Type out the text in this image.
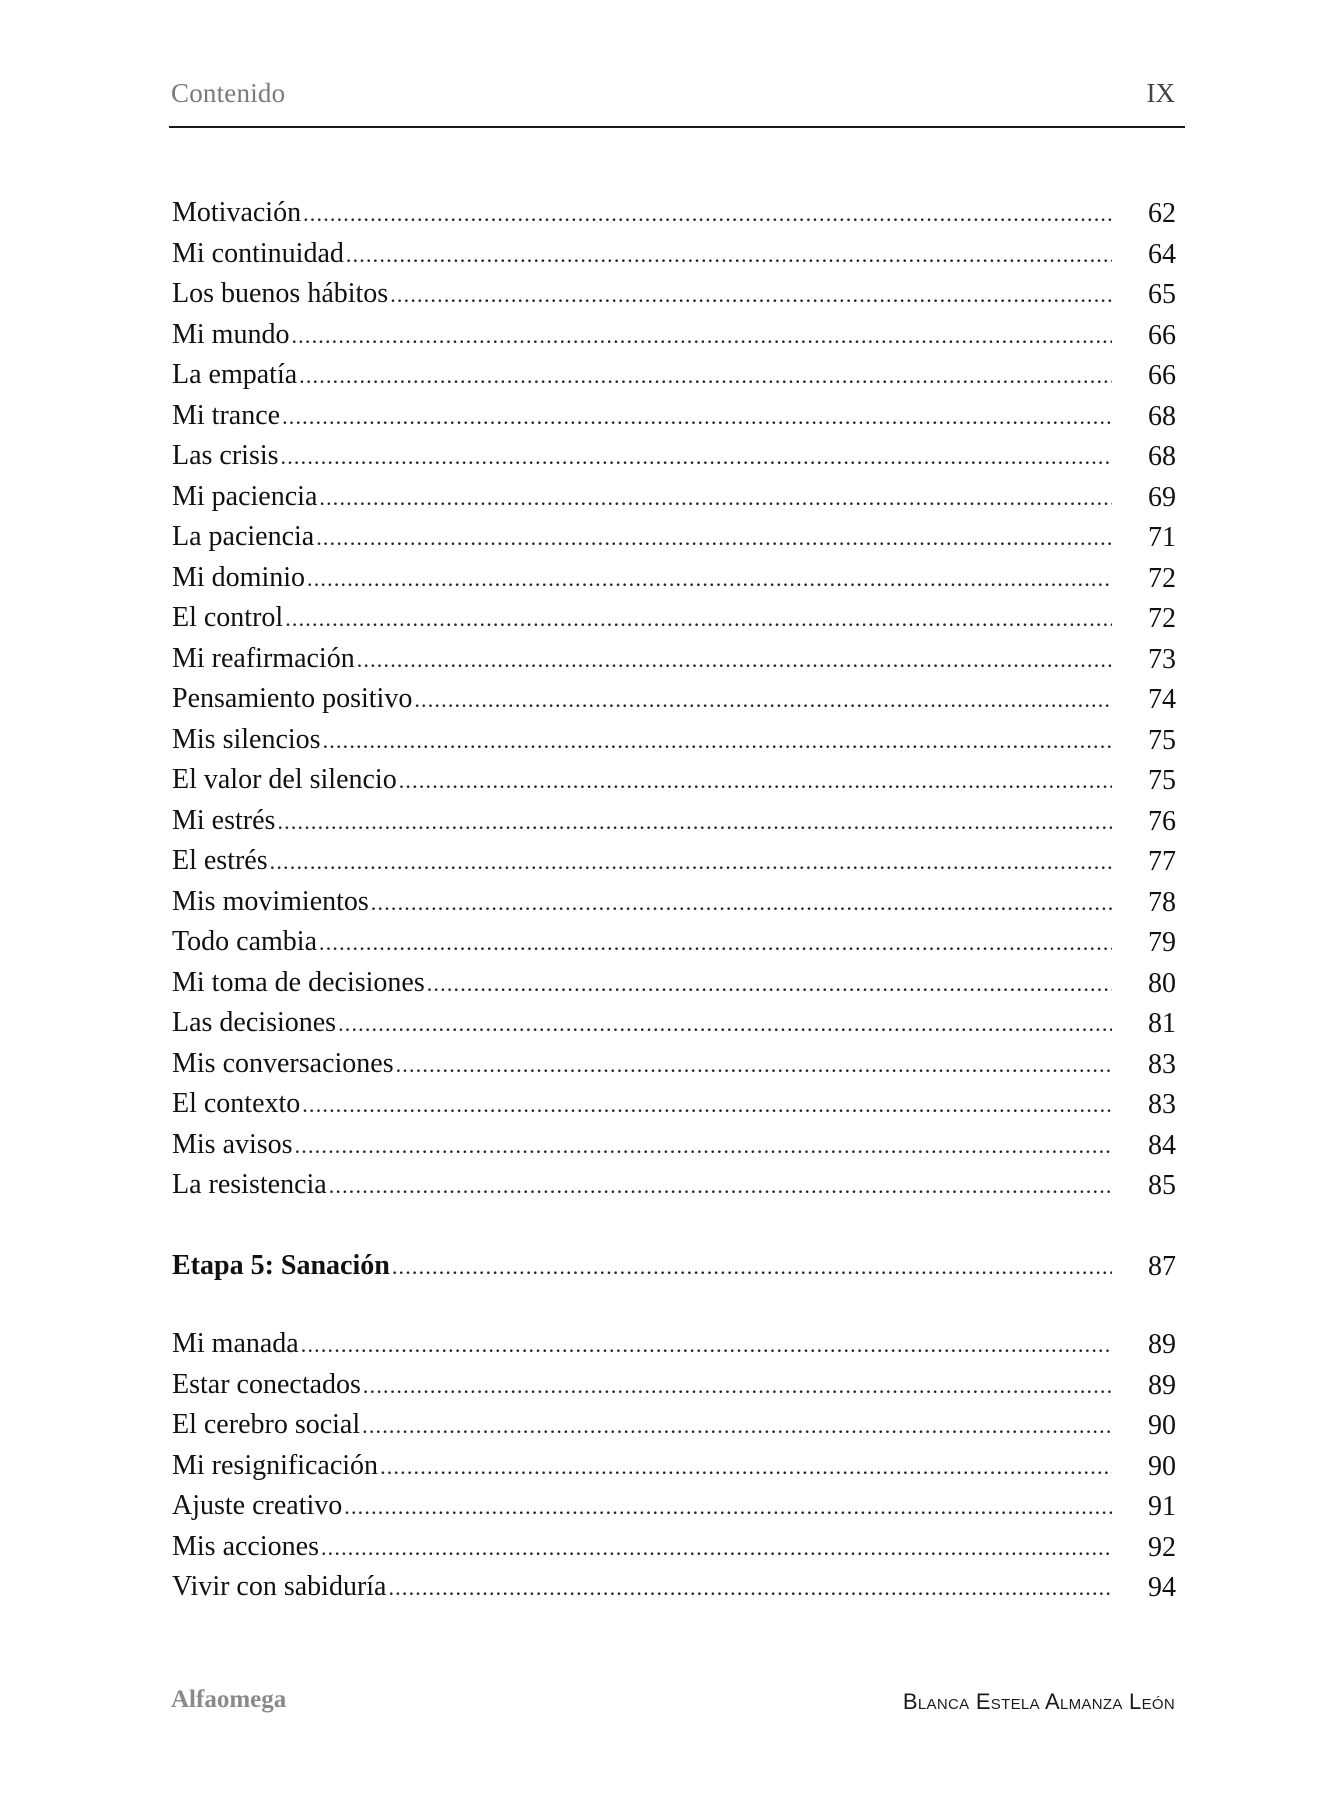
Contenido	IX
Motivación .....	62
Mi continuidad .....	64
Los buenos hábitos .....	65
Mi mundo .....	66
La empatía .....	66
Mi trance .....	68
Las crisis .....	68
Mi paciencia .....	69
La paciencia .....	71
Mi dominio .....	72
El control .....	72
Mi reafirmación .....	73
Pensamiento positivo .....	74
Mis silencios .....	75
El valor del silencio .....	75
Mi estrés .....	76
El estrés .....	77
Mis movimientos .....	78
Todo cambia .....	79
Mi toma de decisiones .....	80
Las decisiones .....	81
Mis conversaciones .....	83
El contexto .....	83
Mis avisos .....	84
La resistencia .....	85
Etapa 5: Sanación .....	87
Mi manada .....	89
Estar conectados .....	89
El cerebro social .....	90
Mi resignificación .....	90
Ajuste creativo .....	91
Mis acciones .....	92
Vivir con sabiduría .....	94
Alfaomega	Blanca Estela Almanza León
